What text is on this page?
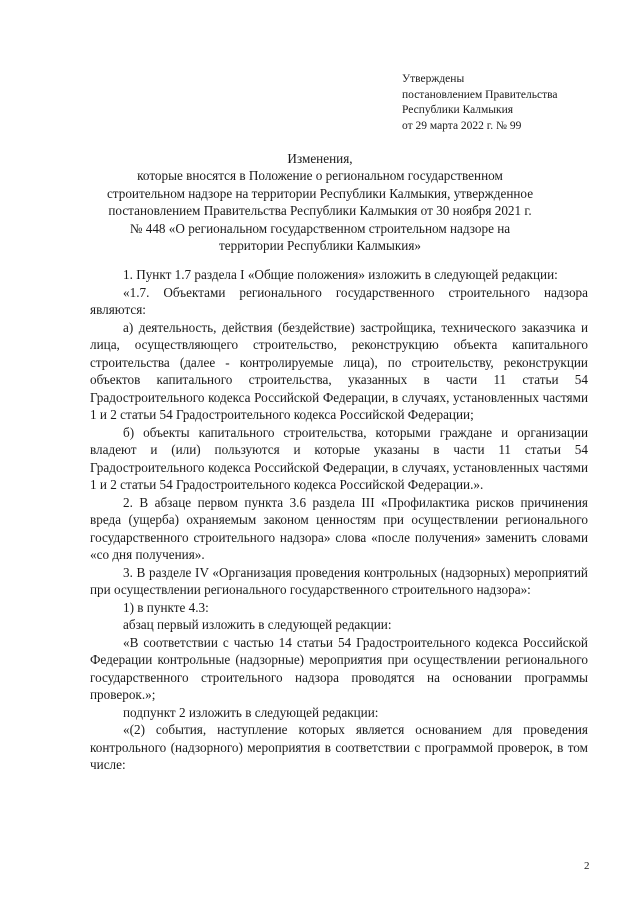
Утверждены
постановлением Правительства
Республики Калмыкия
от 29 марта 2022 г. № 99
Изменения,
которые вносятся в Положение о региональном государственном
строительном надзоре на территории Республики Калмыкия, утвержденное
постановлением Правительства Республики Калмыкия от 30 ноября 2021 г.
№ 448 «О региональном государственном строительном надзоре на
территории Республики Калмыкия»

1. Пункт 1.7 раздела I «Общие положения» изложить в следующей редакции:

«1.7. Объектами регионального государственного строительного надзора являются:

а) деятельность, действия (бездействие) застройщика, технического заказчика и лица, осуществляющего строительство, реконструкцию объекта капитального строительства (далее - контролируемые лица), по строительству, реконструкции объектов капитального строительства, указанных в части 11 статьи 54 Градостроительного кодекса Российской Федерации, в случаях, установленных частями 1 и 2 статьи 54 Градостроительного кодекса Российской Федерации;

б) объекты капитального строительства, которыми граждане и организации владеют и (или) пользуются и которые указаны в части 11 статьи 54 Градостроительного кодекса Российской Федерации, в случаях, установленных частями 1 и 2 статьи 54 Градостроительного кодекса Российской Федерации.».

2. В абзаце первом пункта 3.6 раздела III «Профилактика рисков причинения вреда (ущерба) охраняемым законом ценностям при осуществлении регионального государственного строительного надзора» слова «после получения» заменить словами «со дня получения».

3. В разделе IV «Организация проведения контрольных (надзорных) мероприятий при осуществлении регионального государственного строительного надзора»:

1) в пункте 4.3:

абзац первый изложить в следующей редакции:

«В соответствии с частью 14 статьи 54 Градостроительного кодекса Российской Федерации контрольные (надзорные) мероприятия при осуществлении регионального государственного строительного надзора проводятся на основании программы проверок.»;

подпункт 2 изложить в следующей редакции:

«(2) события, наступление которых является основанием для проведения контрольного (надзорного) мероприятия в соответствии с программой проверок, в том числе:

2
